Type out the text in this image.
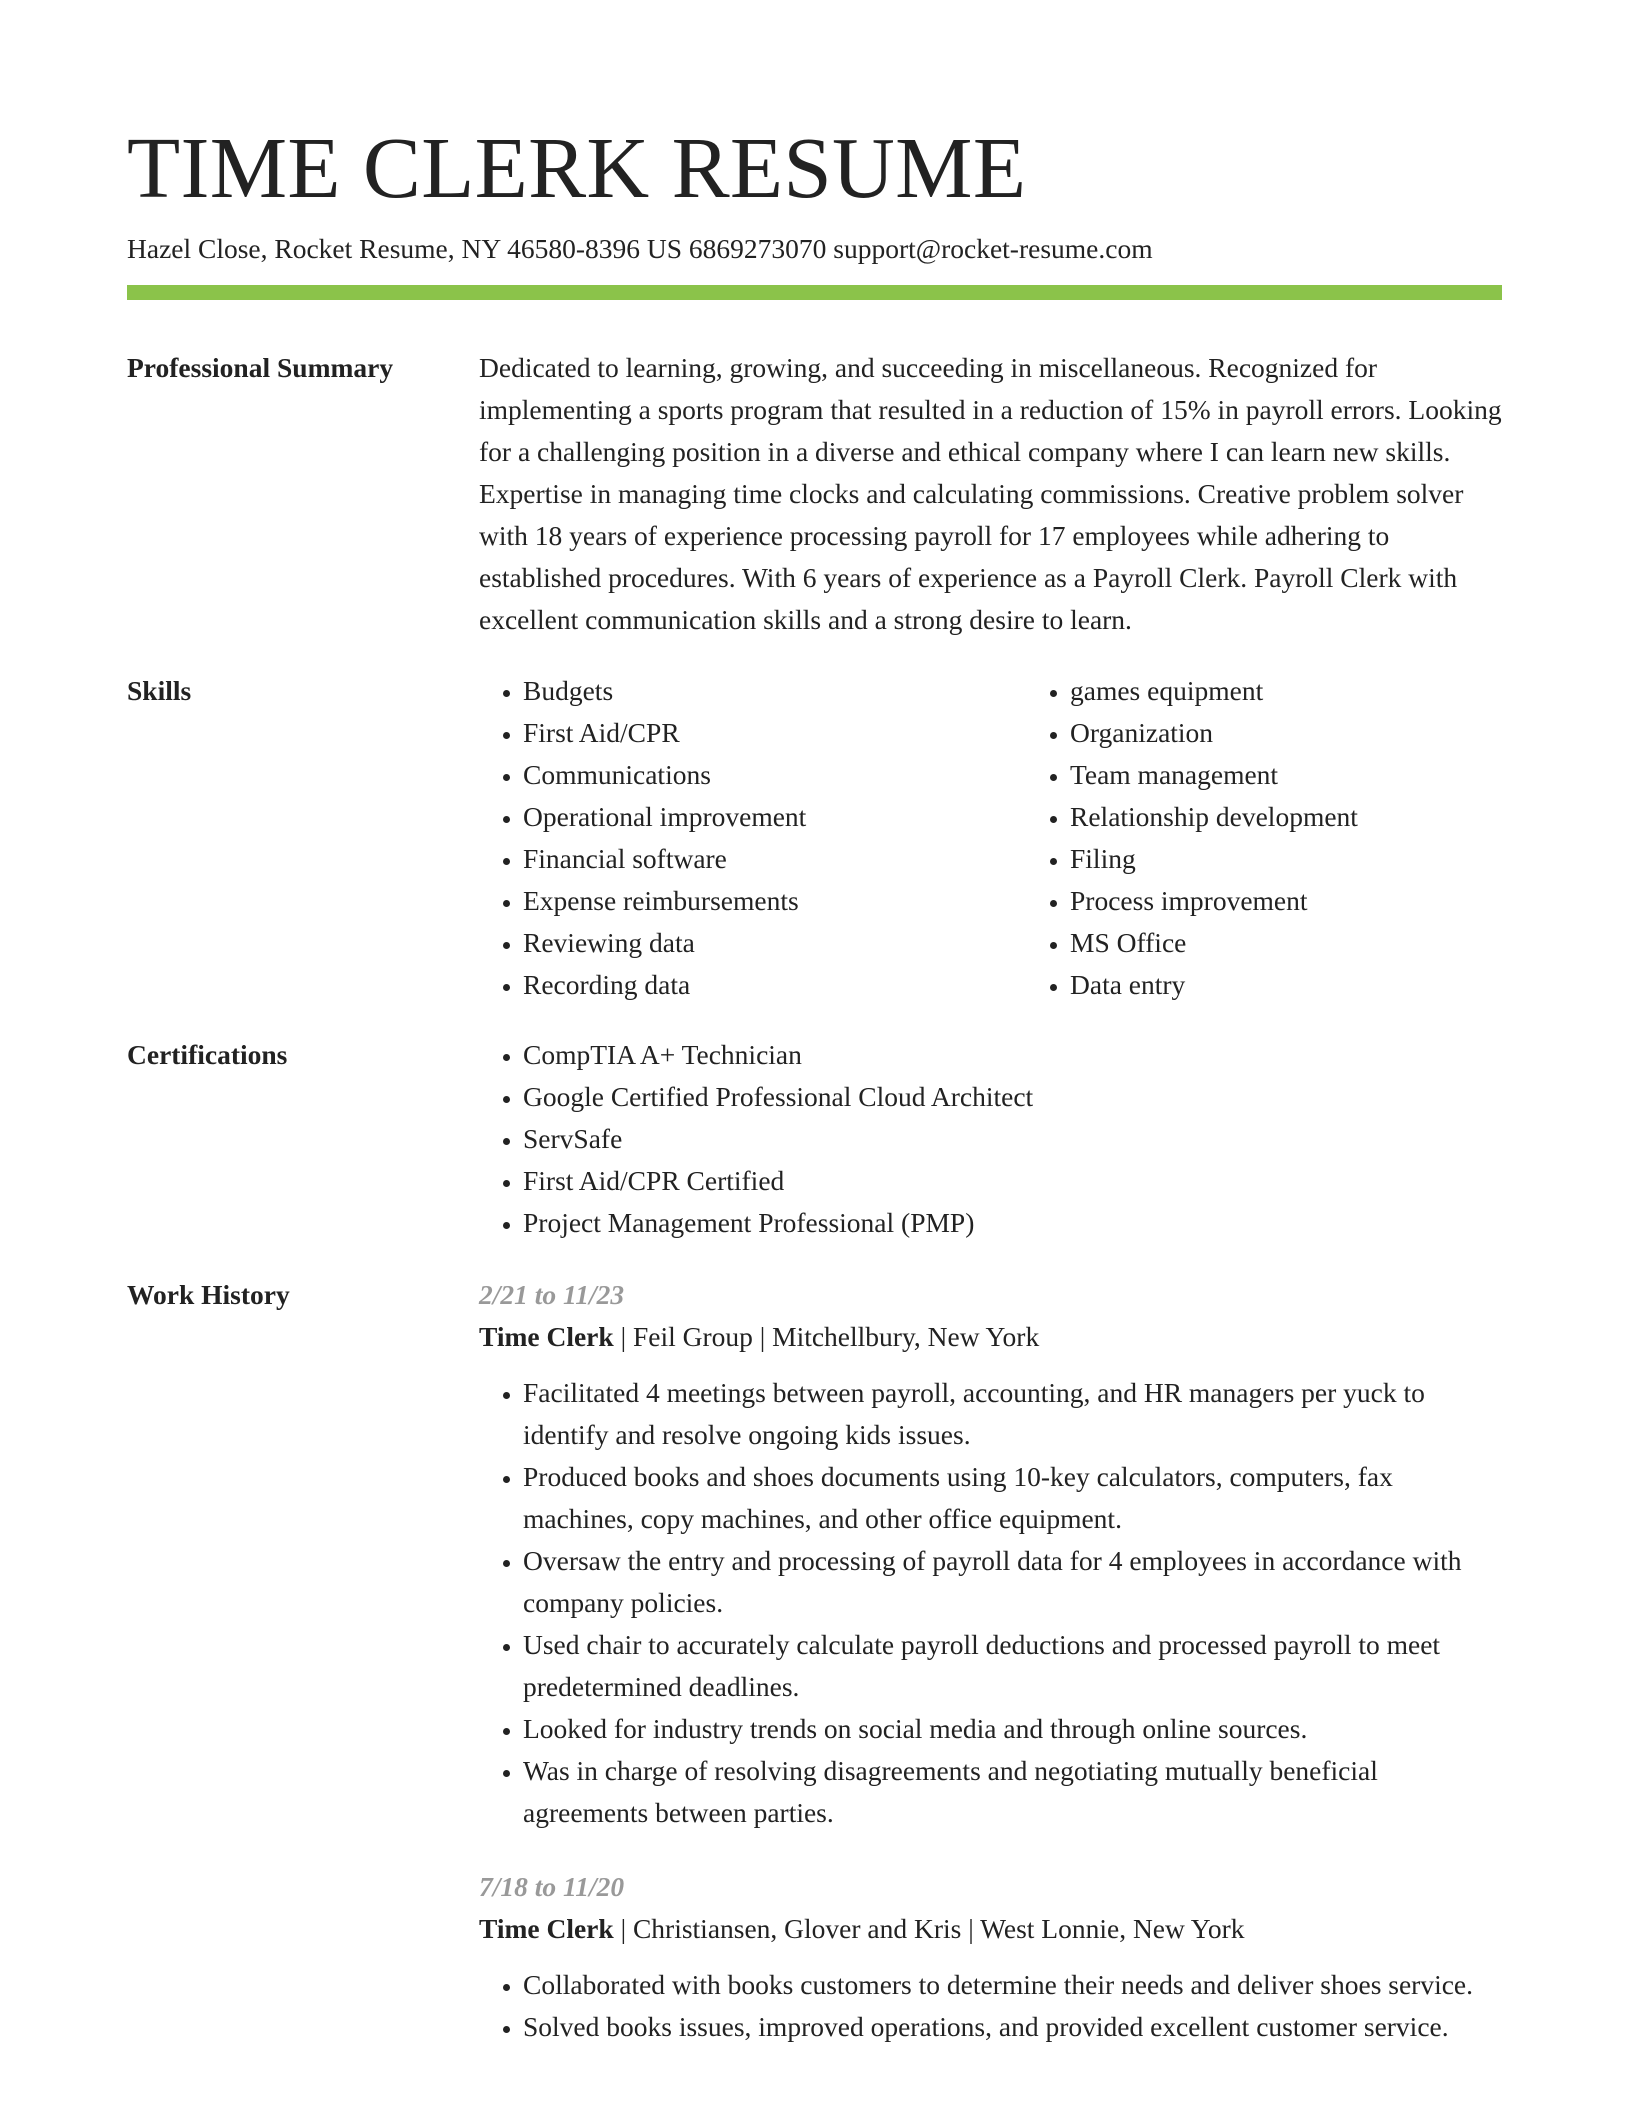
TIME CLERK RESUME
Hazel Close, Rocket Resume, NY 46580-8396 US 6869273070 support@rocket-resume.com
Professional Summary	Dedicated to learning, growing, and succeeding in miscellaneous. Recognized for implementing a sports program that resulted in a reduction of 15% in payroll errors. Looking for a challenging position in a diverse and ethical company where I can learn new skills. Expertise in managing time clocks and calculating commissions. Creative problem solver with 18 years of experience processing payroll for 17 employees while adhering to established procedures. With 6 years of experience as a Payroll Clerk. Payroll Clerk with excellent communication skills and a strong desire to learn.

Skills	• Budgets
• First Aid/CPR
• Communications
• Operational improvement
• Financial software
• Expense reimbursements
• Reviewing data
• Recording data
• games equipment
• Organization
• Team management
• Relationship development
• Filing
• Process improvement
• MS Office
• Data entry
Certifications	• CompTIA A+ Technician
• Google Certified Professional Cloud Architect
• ServSafe
• First Aid/CPR Certified
• Project Management Professional (PMP)
Work History	2/21 to 11/23
Time Clerk | Feil Group | Mitchellbury, New York
• Facilitated 4 meetings between payroll, accounting, and HR managers per yuck to identify and resolve ongoing kids issues.
• Produced books and shoes documents using 10-key calculators, computers, fax machines, copy machines, and other office equipment.
• Oversaw the entry and processing of payroll data for 4 employees in accordance with company policies.
• Used chair to accurately calculate payroll deductions and processed payroll to meet predetermined deadlines.
• Looked for industry trends on social media and through online sources.
• Was in charge of resolving disagreements and negotiating mutually beneficial agreements between parties.
7/18 to 11/20
Time Clerk | Christiansen, Glover and Kris | West Lonnie, New York
• Collaborated with books customers to determine their needs and deliver shoes service.
• Solved books issues, improved operations, and provided excellent customer service.
